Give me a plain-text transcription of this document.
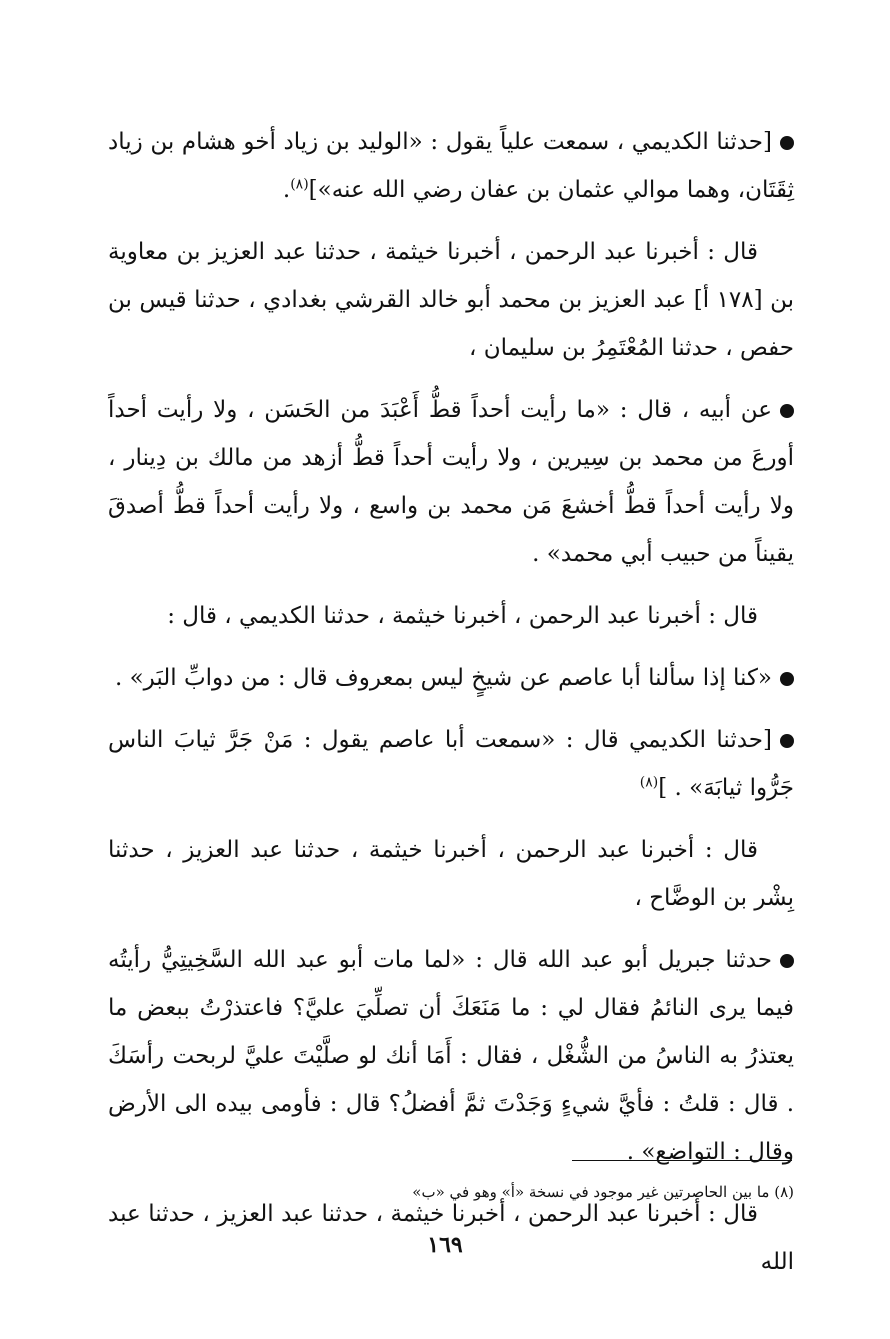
[حدثنا الكديمي ، سمعت علياً يقول : «الوليد بن زياد أخو هشام بن زياد ثِقَتَان، وهما موالي عثمان بن عفان رضي الله عنه»]$^{(٨)}$.

قال : أخبرنا عبد الرحمن ، أخبرنا خيثمة ، حدثنا عبد العزيز بن معاوية بن [١٧٨ أ] عبد العزيز بن محمد أبو خالد القرشي بغدادي ، حدثنا قيس بن حفص ، حدثنا المُعْتَمِرُ بن سليمان ،

عن أبيه ، قال : «ما رأيت أحداً قطُّ أَعْبَدَ من الحَسَن ، ولا رأيت أحداً أورعَ من محمد بن سِيرين ، ولا رأيت أحداً قطُّ أزهد من مالك بن دِينار ، ولا رأيت أحداً قطُّ أخشعَ مَن محمد بن واسع ، ولا رأيت أحداً قطُّ أصدقَ يقيناً من حبيب أبي محمد» .

قال : أخبرنا عبد الرحمن ، أخبرنا خيثمة ، حدثنا الكديمي ، قال :

«كنا إذا سألنا أبا عاصم عن شيخٍ ليس بمعروف قال : من دوابِّ البَر» .

[حدثنا الكديمي قال : «سمعت أبا عاصم يقول : مَنْ جَرَّ ثيابَ الناس جَرُّوا ثيابَهَ» . ]$^{(٨)}$

قال : أخبرنا عبد الرحمن ، أخبرنا خيثمة ، حدثنا عبد العزيز ، حدثنا بِشْر بن الوضَّاح ،

حدثنا جبريل أبو عبد الله قال : «لما مات أبو عبد الله السَّخِيتِيُّ رأيتُه فيما يرى النائمُ فقال لي : ما مَنَعَكَ أن تصلِّيَ عليَّ؟ فاعتذرْتُ ببعض ما يعتذرُ به الناسُ من الشُّغْل ، فقال : أَمَا أنك لو صلَّيْتَ عليَّ لربحت رأسَكَ . قال : قلتُ : فأيَّ شيءٍ وَجَدْتَ ثمَّ أفضلُ؟ قال : فأومى بيده الى الأرض وقال : التواضع» .

قال : أخبرنا عبد الرحمن ، أخبرنا خيثمة ، حدثنا عبد العزيز ، حدثنا عبد الله

(٨) ما بين الحاصرتين غير موجود في نسخة «أ» وهو في «ب»
١٦٩
